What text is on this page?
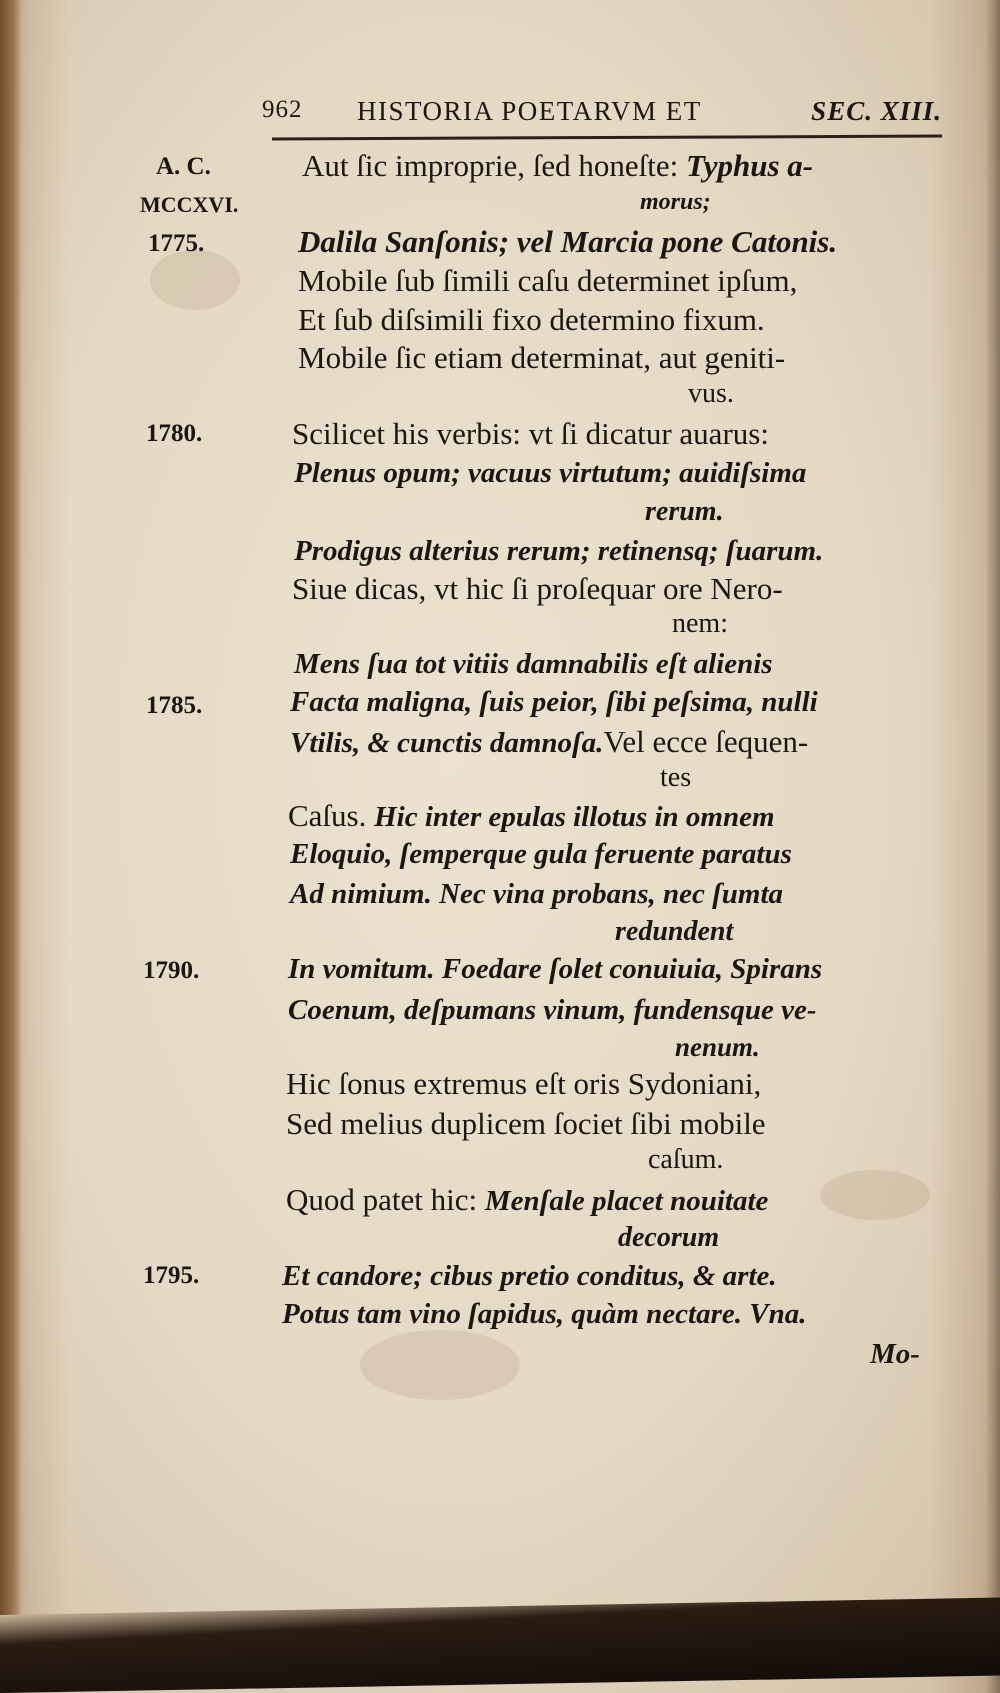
962 HISTORIA POETARVM ET	SEC. XIII.
A. C.
MCCXVI.
1775.
1780.
1785.
1790.
1795.
Aut ſic improprie, ſed honeſte: Typhus a-
morus;
Dalila Sanſonis; vel Marcia pone Catonis.
Mobile ſub ſimili caſu determinet ipſum,
Et ſub diſsimili fixo determino fixum.
Mobile ſic etiam determinat, aut geniti-
vus.
Scilicet his verbis: vt ſi dicatur auarus:
Plenus opum; vacuus virtutum; auidiſsima
rerum.
Prodigus alterius rerum; retinensq; ſuarum.
Siue dicas, vt hic ſi proſequar ore Nero-
nem:
Mens ſua tot vitiis damnabilis eſt alienis
Facta maligna, ſuis peior, ſibi peſsima, nulli
Vtilis, & cunctis damnoſa.Vel ecce ſequen-
tes
Caſus. Hic inter epulas illotus in omnem
Eloquio, ſemperque gula feruente paratus
Ad nimium. Nec vina probans, nec ſumta
redundent
In vomitum. Foedare ſolet conuiuia, Spirans
Coenum, deſpumans vinum, fundensque ve-
nenum.
Hic ſonus extremus eſt oris Sydoniani,
Sed melius duplicem ſociet ſibi mobile
caſum.
Quod patet hic: Menſale placet nouitate
decorum
Et candore; cibus pretio conditus, & arte.
Potus tam vino ſapidus, quàm nectare. Vna.
Mo-
